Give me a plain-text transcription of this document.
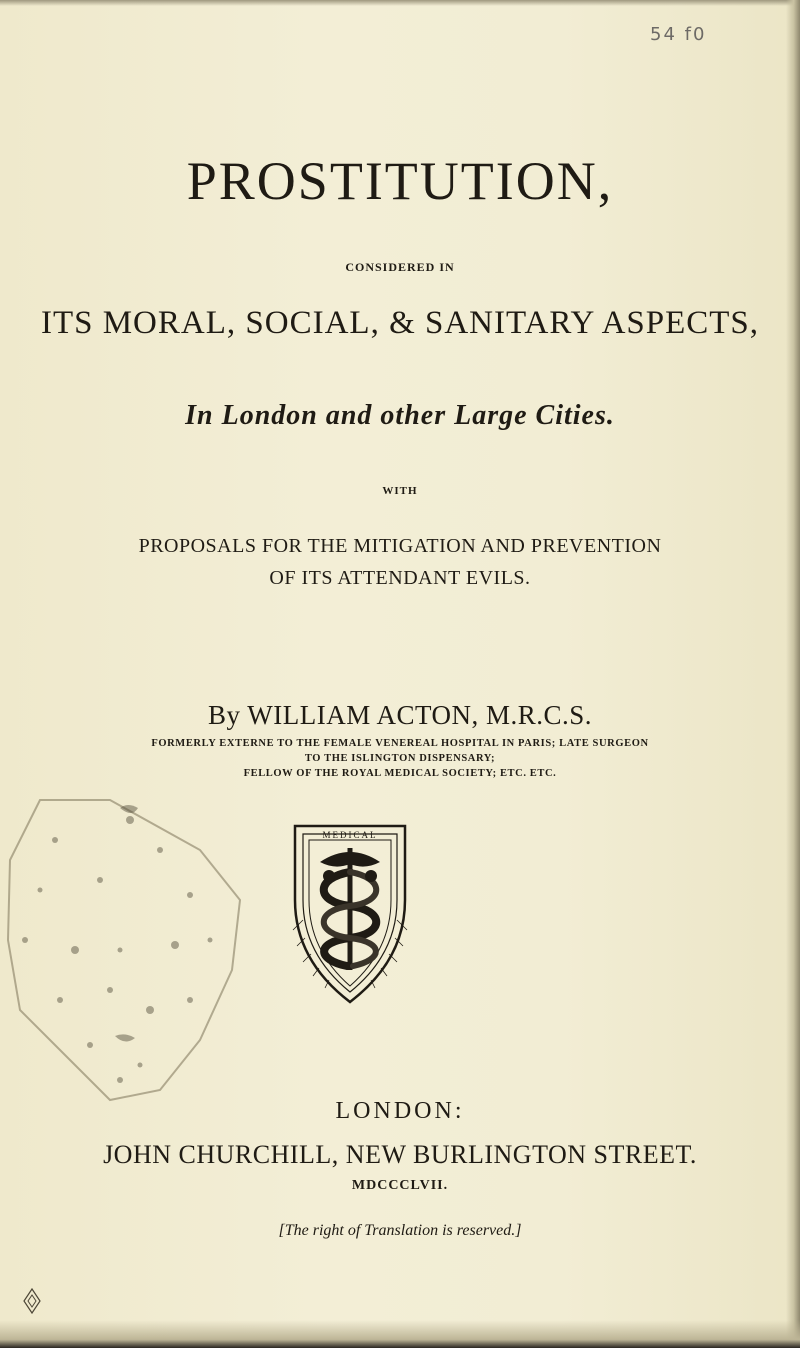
54 f0
PROSTITUTION,
CONSIDERED IN
ITS MORAL, SOCIAL, & SANITARY ASPECTS,
In London and other Large Cities.
WITH
PROPOSALS FOR THE MITIGATION AND PREVENTION
OF ITS ATTENDANT EVILS.
By WILLIAM ACTON, M.R.C.S.
FORMERLY EXTERNE TO THE FEMALE VENEREAL HOSPITAL IN PARIS; LATE SURGEON
TO THE ISLINGTON DISPENSARY;
FELLOW OF THE ROYAL MEDICAL SOCIETY; ETC. ETC.
MEDICAL
LONDON:
JOHN CHURCHILL, NEW BURLINGTON STREET.
MDCCCLVII.
[The right of Translation is reserved.]
